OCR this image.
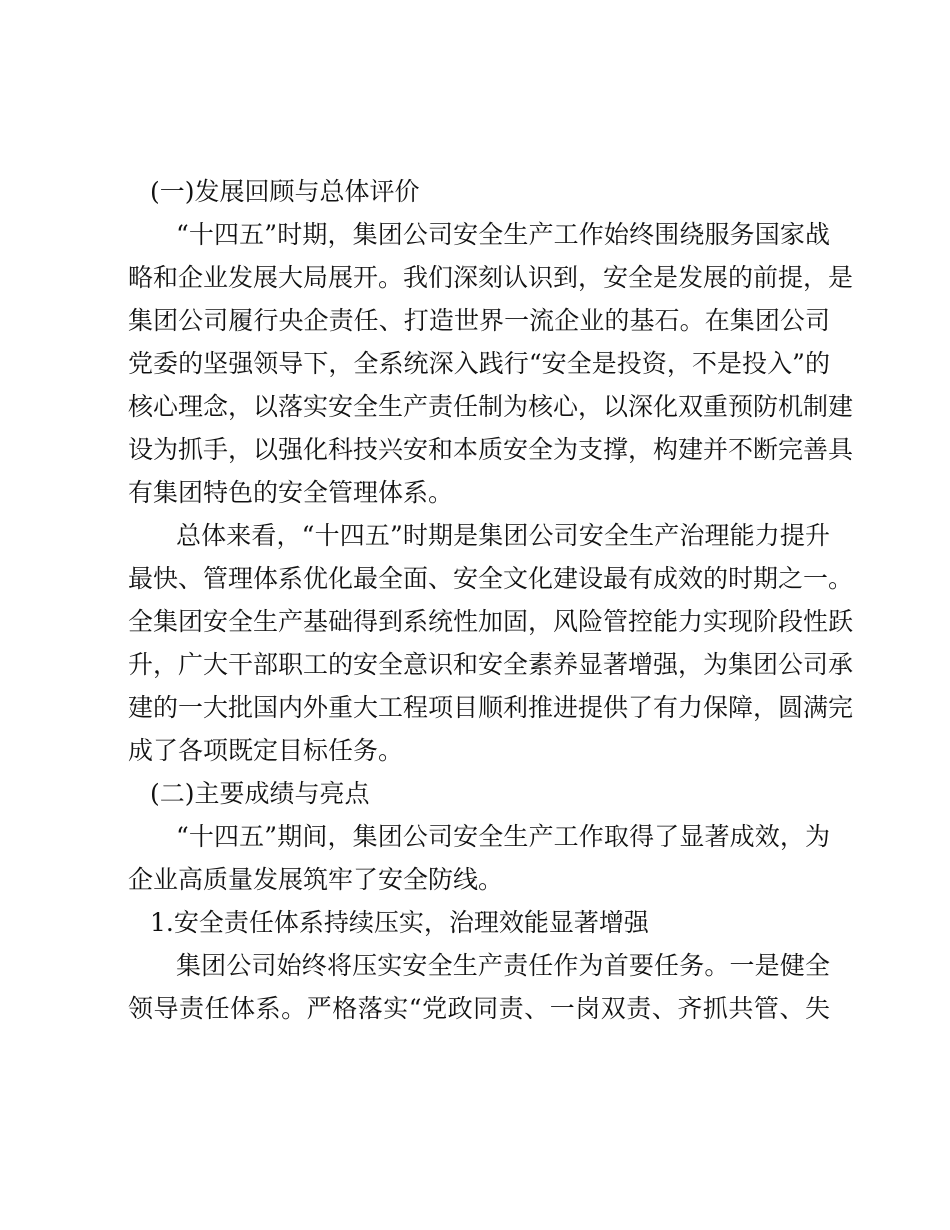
(一)发展回顾与总体评价
“十四五”时期，集团公司安全生产工作始终围绕服务国家战
略和企业发展大局展开。我们深刻认识到，安全是发展的前提，是
集团公司履行央企责任、打造世界一流企业的基石。在集团公司
党委的坚强领导下，全系统深入践行“安全是投资，不是投入”的
核心理念，以落实安全生产责任制为核心，以深化双重预防机制建
设为抓手，以强化科技兴安和本质安全为支撑，构建并不断完善具
有集团特色的安全管理体系。
总体来看，“十四五”时期是集团公司安全生产治理能力提升
最快、管理体系优化最全面、安全文化建设最有成效的时期之一。
全集团安全生产基础得到系统性加固，风险管控能力实现阶段性跃
升，广大干部职工的安全意识和安全素养显著增强，为集团公司承
建的一大批国内外重大工程项目顺利推进提供了有力保障，圆满完
成了各项既定目标任务。
(二)主要成绩与亮点
“十四五”期间，集团公司安全生产工作取得了显著成效，为
企业高质量发展筑牢了安全防线。
1.安全责任体系持续压实，治理效能显著增强
集团公司始终将压实安全生产责任作为首要任务。一是健全
领导责任体系。严格落实“党政同责、一岗双责、齐抓共管、失
